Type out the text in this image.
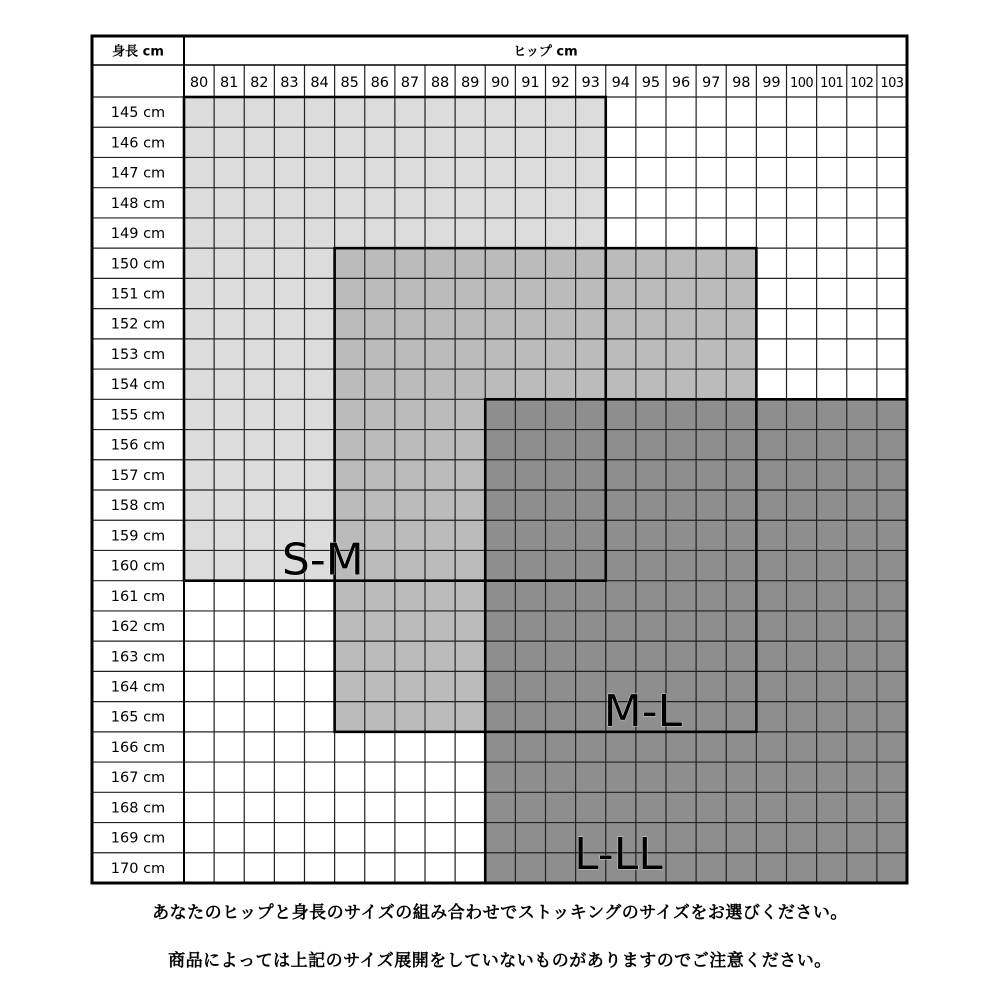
身長 cm	ヒップ cm
80 81 82 83 84 85 86 87 88 89 90 91 92 93 94 95 96 97 98 99 100 101 102 103
145 cm
146 cm
147 cm
148 cm
149 cm
150 cm
151 cm
152 cm
153 cm
154 cm
155 cm
156 cm
157 cm
158 cm
159 cm
160 cm
161 cm
162 cm
163 cm
164 cm
165 cm
166 cm
167 cm
168 cm
169 cm
170 cm
S-M
M-L
L-LL
あなたのヒップと身長のサイズの組み合わせでストッキングのサイズをお選びください。
商品によっては上記のサイズ展開をしていないものがありますのでご注意ください。
